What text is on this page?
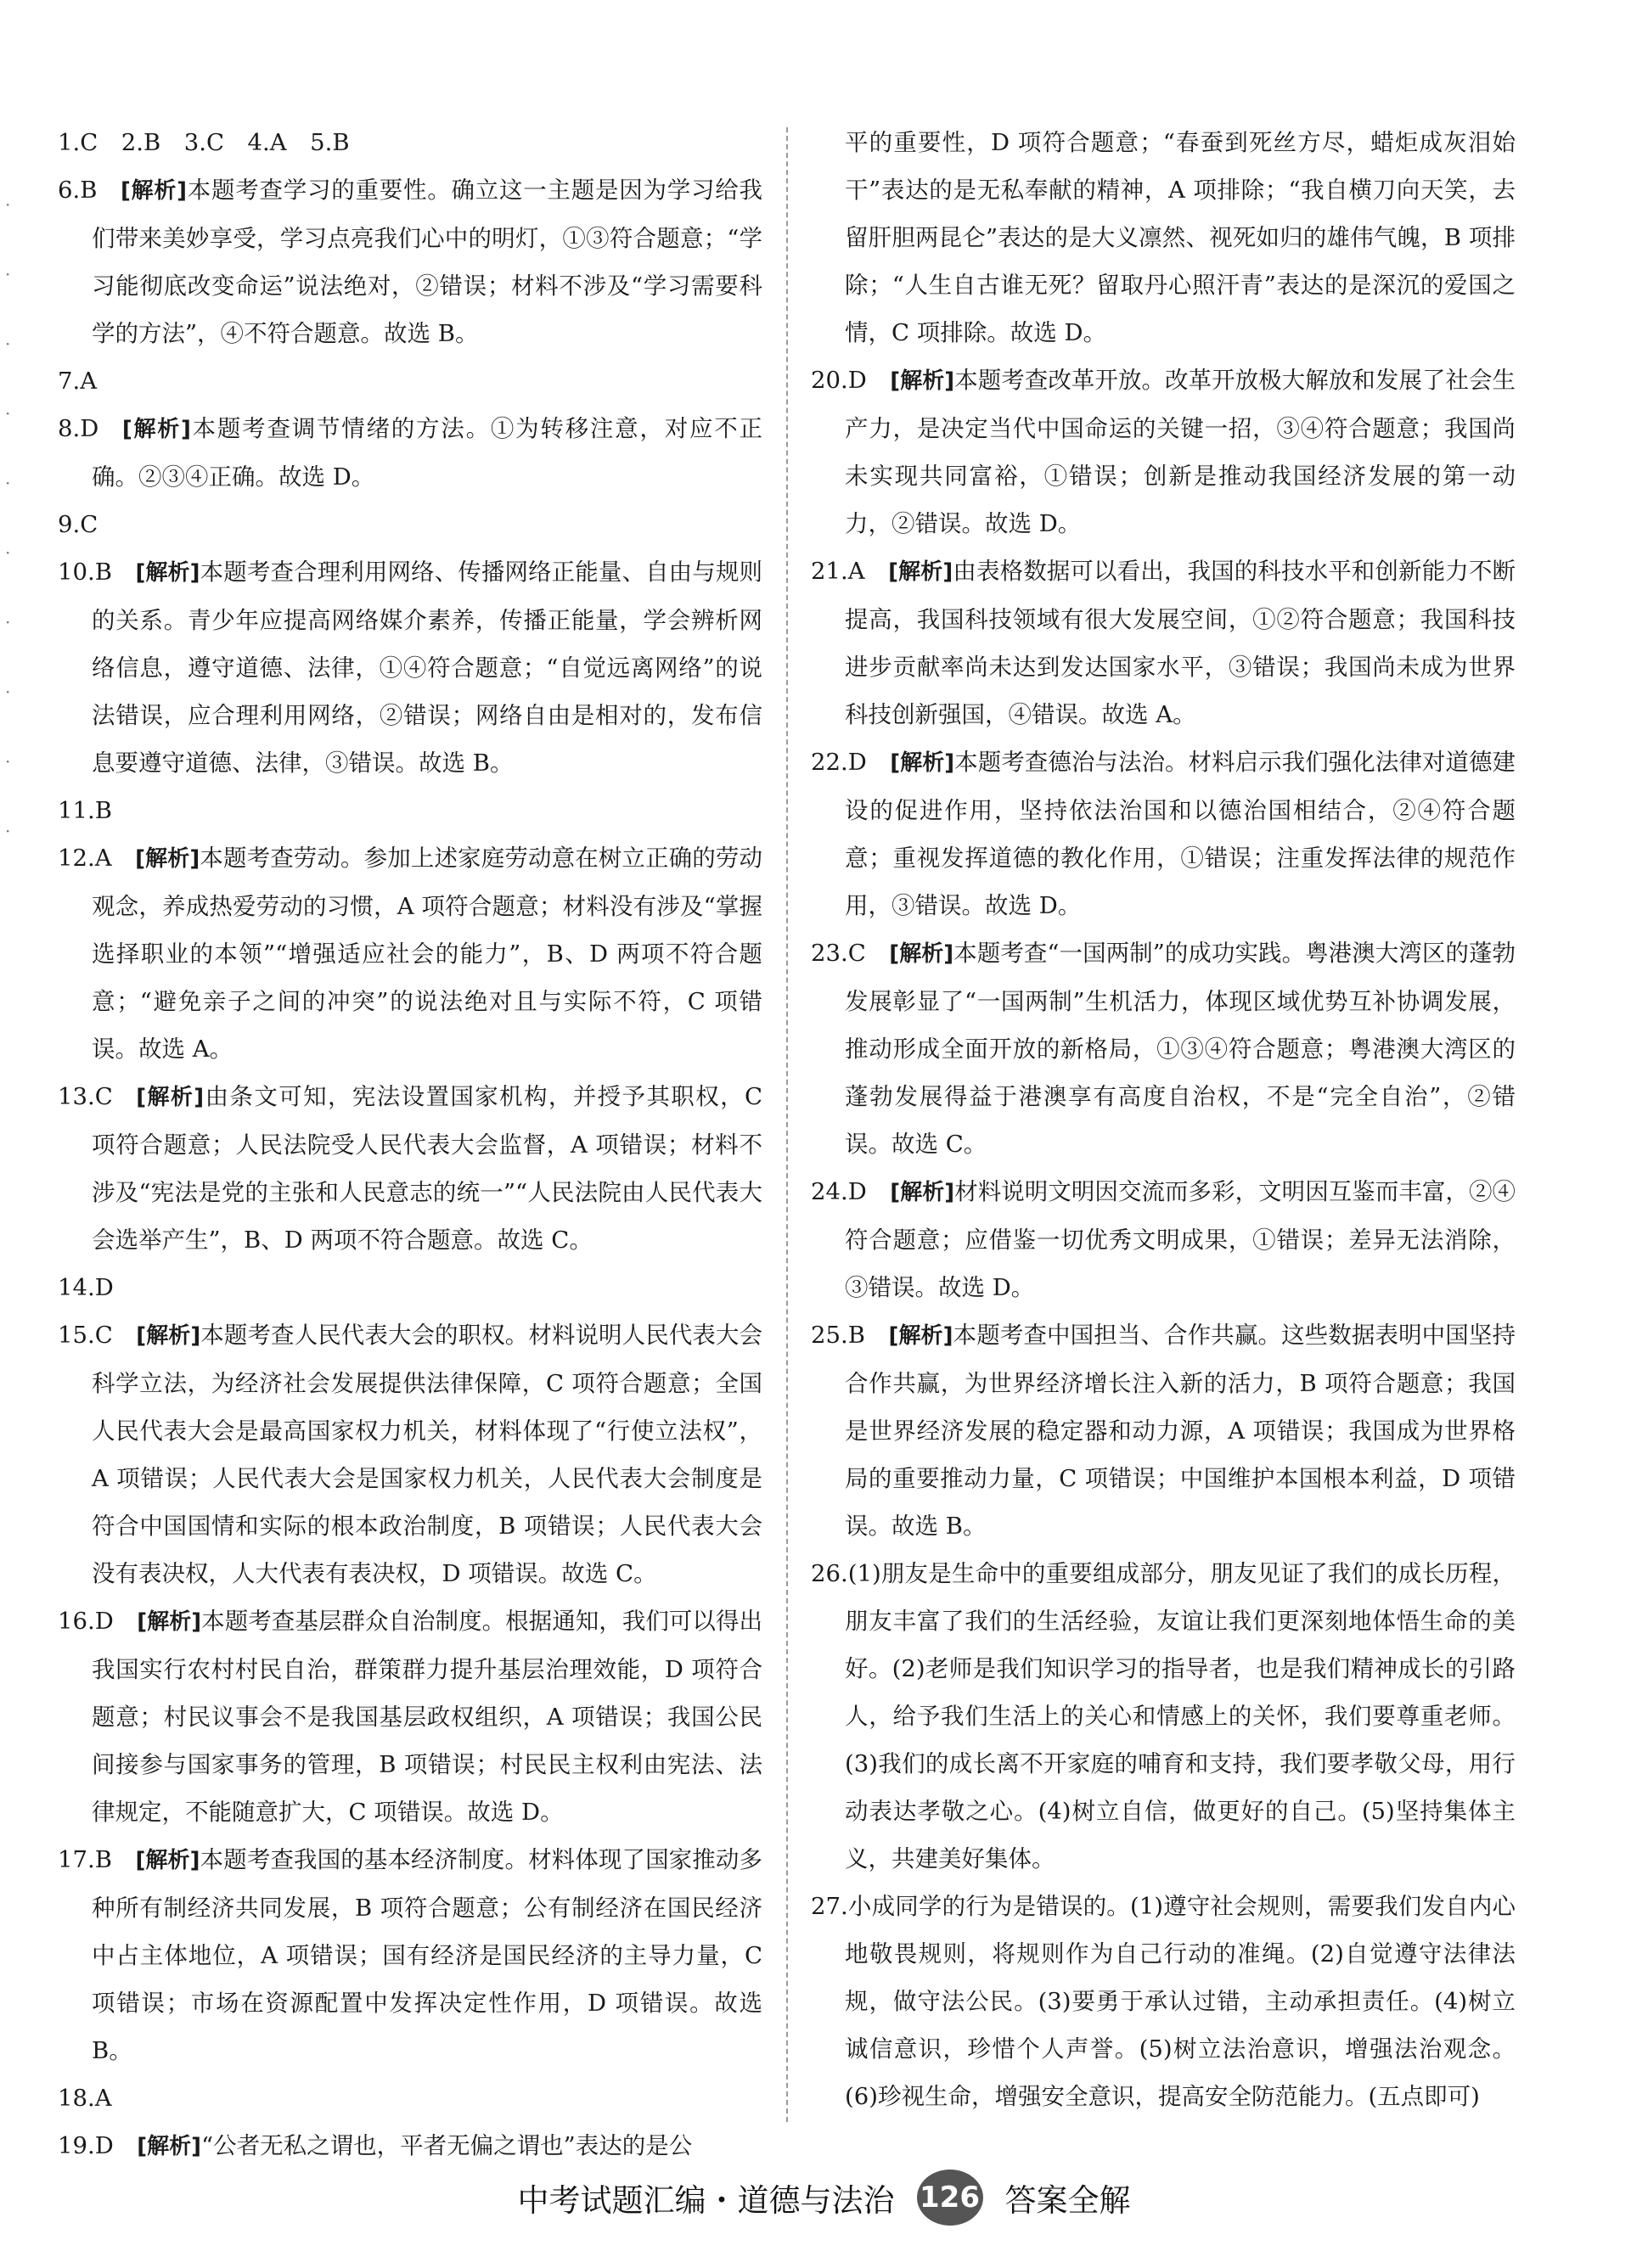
·
·
·
·
·
·
·
·
·
·

1.C　2.B　3.C　4.A　5.B

6.B  [解析]本题考查学习的重要性。确立这一主题是因为学习给我们带来美妙享受，学习点亮我们心中的明灯，①③符合题意；“学习能彻底改变命运”说法绝对，②错误；材料不涉及“学习需要科学的方法”，④不符合题意。故选 B。

7.A

8.D  [解析]本题考查调节情绪的方法。①为转移注意，对应不正确。②③④正确。故选 D。

9.C

10.B  [解析]本题考查合理利用网络、传播网络正能量、自由与规则的关系。青少年应提高网络媒介素养，传播正能量，学会辨析网络信息，遵守道德、法律，①④符合题意；“自觉远离网络”的说法错误，应合理利用网络，②错误；网络自由是相对的，发布信息要遵守道德、法律，③错误。故选 B。

11.B

12.A  [解析]本题考查劳动。参加上述家庭劳动意在树立正确的劳动观念，养成热爱劳动的习惯，A 项符合题意；材料没有涉及“掌握选择职业的本领”“增强适应社会的能力”，B、D 两项不符合题意；“避免亲子之间的冲突”的说法绝对且与实际不符，C 项错误。故选 A。

13.C  [解析]由条文可知，宪法设置国家机构，并授予其职权，C 项符合题意；人民法院受人民代表大会监督，A 项错误；材料不涉及“宪法是党的主张和人民意志的统一”“人民法院由人民代表大会选举产生”，B、D 两项不符合题意。故选 C。

14.D

15.C  [解析]本题考查人民代表大会的职权。材料说明人民代表大会科学立法，为经济社会发展提供法律保障，C 项符合题意；全国人民代表大会是最高国家权力机关，材料体现了“行使立法权”，A 项错误；人民代表大会是国家权力机关，人民代表大会制度是符合中国国情和实际的根本政治制度，B 项错误；人民代表大会没有表决权，人大代表有表决权，D 项错误。故选 C。

16.D  [解析]本题考查基层群众自治制度。根据通知，我们可以得出我国实行农村村民自治，群策群力提升基层治理效能，D 项符合题意；村民议事会不是我国基层政权组织，A 项错误；我国公民间接参与国家事务的管理，B 项错误；村民民主权利由宪法、法律规定，不能随意扩大，C 项错误。故选 D。

17.B  [解析]本题考查我国的基本经济制度。材料体现了国家推动多种所有制经济共同发展，B 项符合题意；公有制经济在国民经济中占主体地位，A 项错误；国有经济是国民经济的主导力量，C 项错误；市场在资源配置中发挥决定性作用，D 项错误。故选 B。

18.A

19.D  [解析]“公者无私之谓也，平者无偏之谓也”表达的是公

平的重要性，D 项符合题意；“春蚕到死丝方尽，蜡炬成灰泪始干”表达的是无私奉献的精神，A 项排除；“我自横刀向天笑，去留肝胆两昆仑”表达的是大义凛然、视死如归的雄伟气魄，B 项排除；“人生自古谁无死？留取丹心照汗青”表达的是深沉的爱国之情，C 项排除。故选 D。

20.D  [解析]本题考查改革开放。改革开放极大解放和发展了社会生产力，是决定当代中国命运的关键一招，③④符合题意；我国尚未实现共同富裕，①错误；创新是推动我国经济发展的第一动力，②错误。故选 D。

21.A  [解析]由表格数据可以看出，我国的科技水平和创新能力不断提高，我国科技领域有很大发展空间，①②符合题意；我国科技进步贡献率尚未达到发达国家水平，③错误；我国尚未成为世界科技创新强国，④错误。故选 A。

22.D  [解析]本题考查德治与法治。材料启示我们强化法律对道德建设的促进作用，坚持依法治国和以德治国相结合，②④符合题意；重视发挥道德的教化作用，①错误；注重发挥法律的规范作用，③错误。故选 D。

23.C  [解析]本题考查“一国两制”的成功实践。粤港澳大湾区的蓬勃发展彰显了“一国两制”生机活力，体现区域优势互补协调发展，推动形成全面开放的新格局，①③④符合题意；粤港澳大湾区的蓬勃发展得益于港澳享有高度自治权，不是“完全自治”，②错误。故选 C。

24.D  [解析]材料说明文明因交流而多彩，文明因互鉴而丰富，②④符合题意；应借鉴一切优秀文明成果，①错误；差异无法消除，③错误。故选 D。

25.B  [解析]本题考查中国担当、合作共赢。这些数据表明中国坚持合作共赢，为世界经济增长注入新的活力，B 项符合题意；我国是世界经济发展的稳定器和动力源，A 项错误；我国成为世界格局的重要推动力量，C 项错误；中国维护本国根本利益，D 项错误。故选 B。

26.(1)朋友是生命中的重要组成部分，朋友见证了我们的成长历程，朋友丰富了我们的生活经验，友谊让我们更深刻地体悟生命的美好。(2)老师是我们知识学习的指导者，也是我们精神成长的引路人，给予我们生活上的关心和情感上的关怀，我们要尊重老师。(3)我们的成长离不开家庭的哺育和支持，我们要孝敬父母，用行动表达孝敬之心。(4)树立自信，做更好的自己。(5)坚持集体主义，共建美好集体。

27.小成同学的行为是错误的。(1)遵守社会规则，需要我们发自内心地敬畏规则，将规则作为自己行动的准绳。(2)自觉遵守法律法规，做守法公民。(3)要勇于承认过错，主动承担责任。(4)树立诚信意识，珍惜个人声誉。(5)树立法治意识，增强法治观念。(6)珍视生命，增强安全意识，提高安全防范能力。(五点即可)

中考试题汇编・道德与法治 126 答案全解
